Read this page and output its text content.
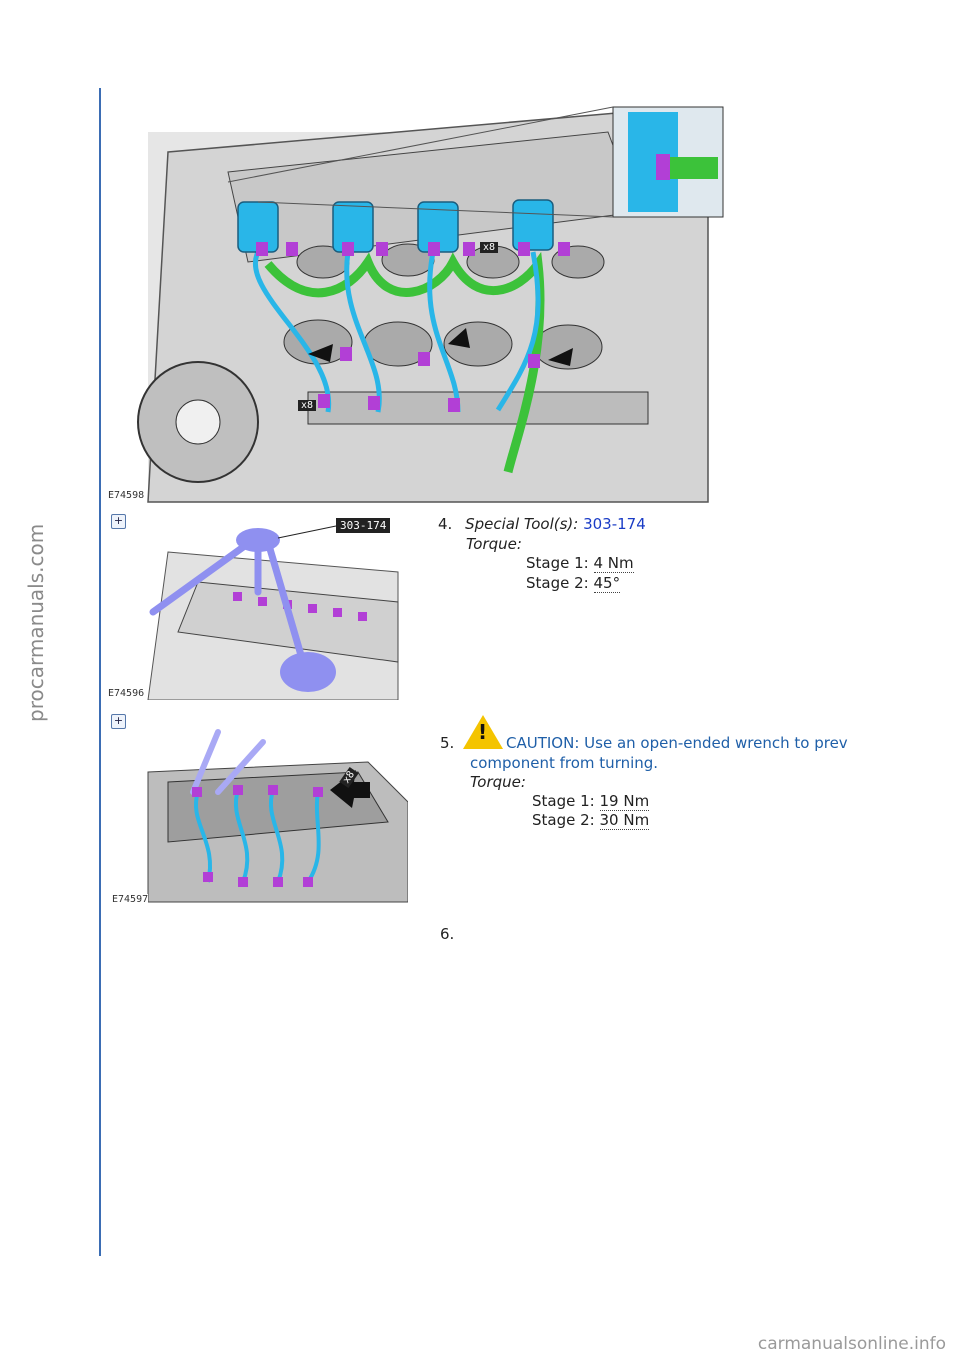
procarmanuals.com
carmanualsonline.info
x8
x8
E74598
+	303-174
E74596
4. Special Tool(s): 303-174
Torque:
Stage 1: 4 Nm
Stage 2: 45°
+
x8
E74597
5. ! CAUTION: Use an open-ended wrench to prev
component from turning.
Torque:
Stage 1: 19 Nm
Stage 2: 30 Nm
6.
